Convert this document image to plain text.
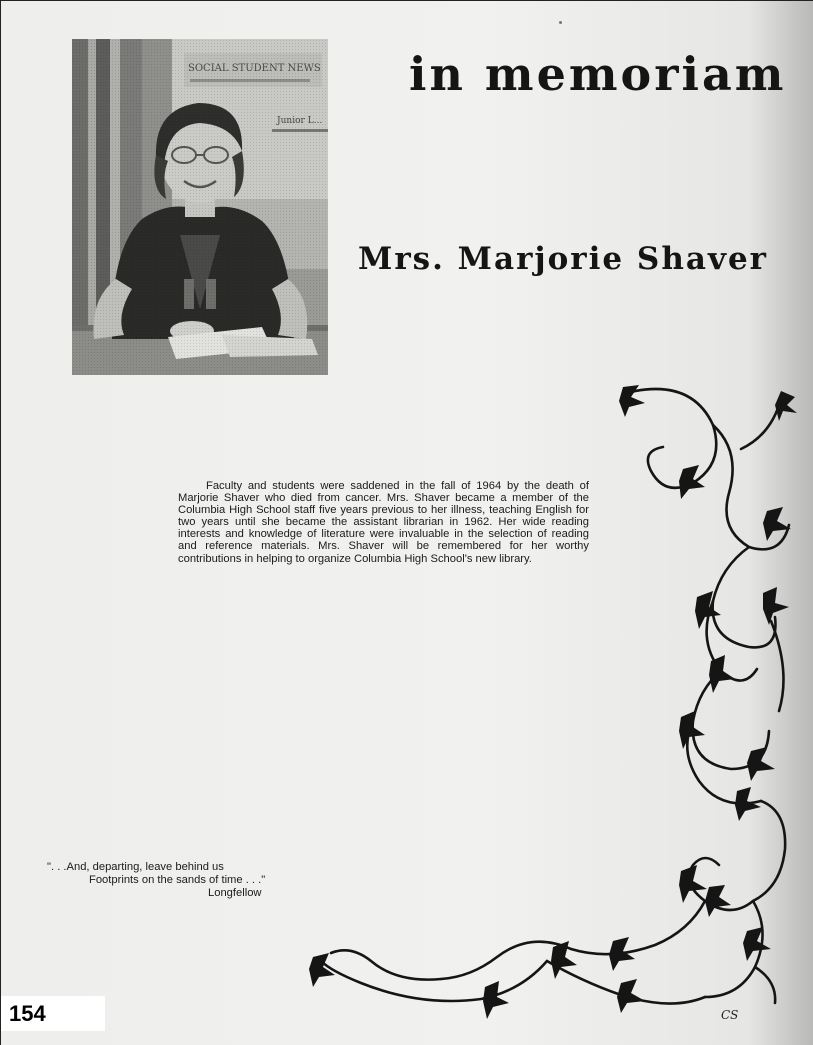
in memoriam
Mrs. Marjorie Shaver

Faculty and students were saddened in the fall of 1964 by the death of Marjorie Shaver who died from cancer. Mrs. Shaver became a member of the Columbia High School staff five years previous to her illness, teaching English for two years until she became the assistant librarian in 1962. Her wide reading interests and knowledge of literature were invaluable in the selection of reading and reference materials. Mrs. Shaver will be remembered for her worthy contributions in helping to organize Columbia High School's new library.

". . .And, departing, leave behind us
Footprints on the sands of time . . ."
Longfellow
CS
154
